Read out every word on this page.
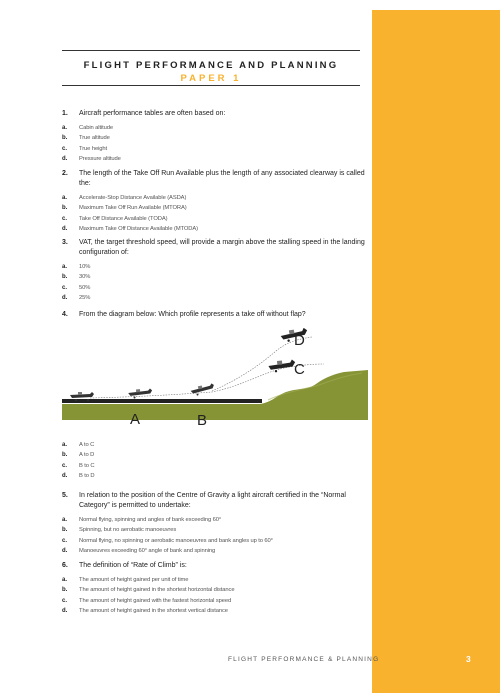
FLIGHT PERFORMANCE AND PLANNING
PAPER 1
1.	Aircraft performance tables are often based on:
a.	Cabin altitude
b.	True altitude
c.	True height
d.	Pressure altitude
2.	The length of the Take Off Run Available plus the length of any associated clearway is called the:
a.	Accelerate-Stop Distance Available (ASDA)
b.	Maximum Take Off Run Available (MTORA)
c.	Take Off Distance Available (TODA)
d.	Maximum Take Off Distance Available (MTODA)
3.	VAT, the target threshold speed, will provide a margin above the stalling speed in the landing configuration of:
a.	10%
b.	30%
c.	50%
d.	25%
4.	From the diagram below: Which profile represents a take off without flap?
A	B
C
D
a.	A to C
b.	A to D
c.	B to C
d.	B to D
5.	In relation to the position of the Centre of Gravity a light aircraft certified in the “Normal Category” is permitted to undertake:
a.	Normal flying, spinning and angles of bank exceeding 60°
b.	Spinning, but no aerobatic manoeuvres
c.	Normal flying, no spinning or aerobatic manoeuvres and bank angles up to 60°
d.	Manoeuvres exceeding 60° angle of bank and spinning
6.	The definition of “Rate of Climb” is:
a.	The amount of height gained per unit of time
b.	The amount of height gained in the shortest horizontal distance
c.	The amount of height gained with the fastest horizontal speed
d.	The amount of height gained in the shortest vertical distance
FLIGHT PERFORMANCE & PLANNING	3
